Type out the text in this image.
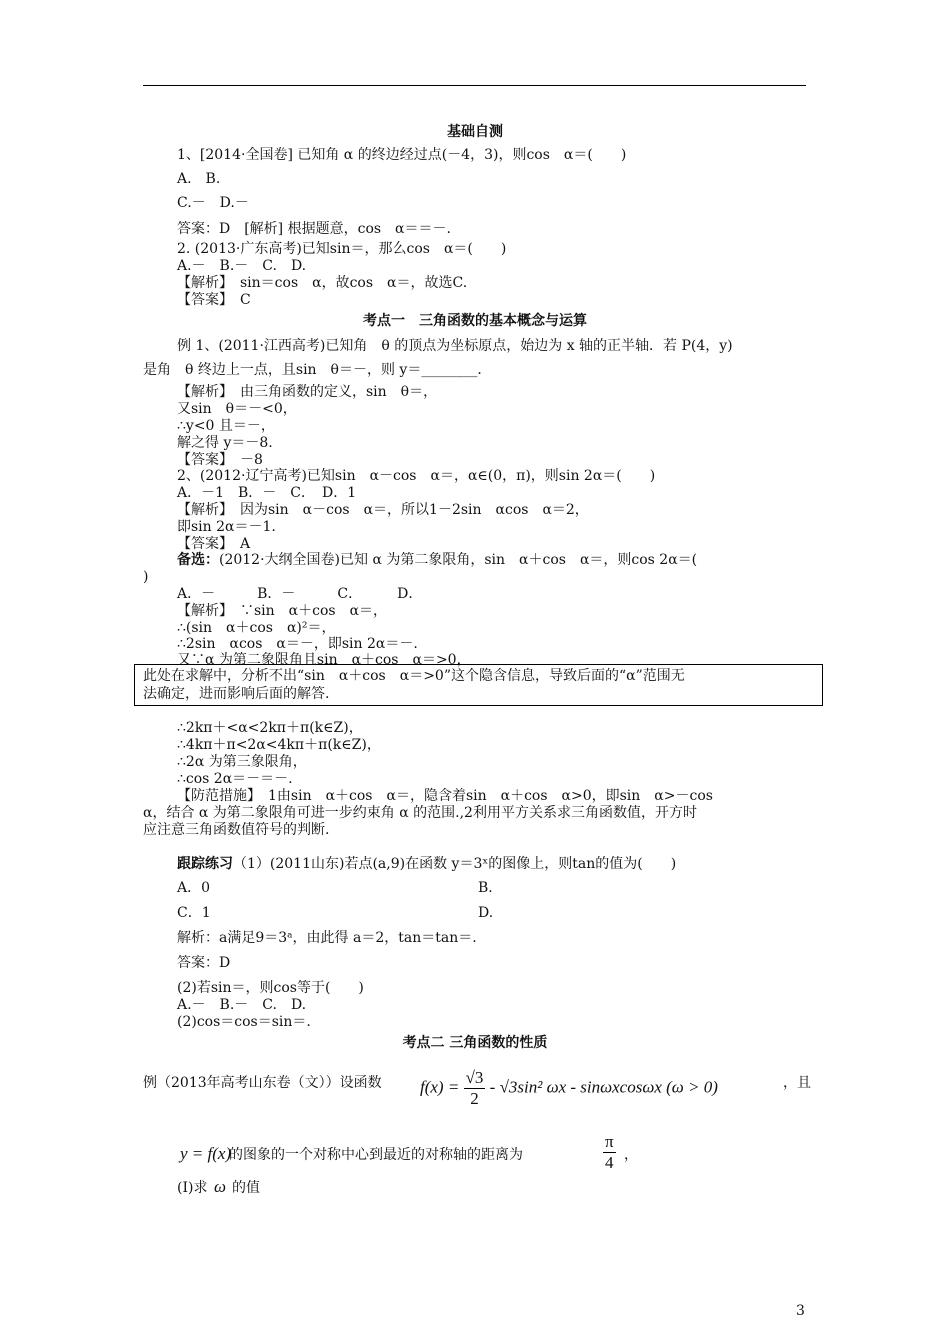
基础自测
1、[2014·全国卷] 已知角 α 的终边经过点(－4，3)，则cos　α＝(　　)
A.　B.
C.－　D.－
答案：D　[解析] 根据题意，cos　α＝＝－.
2. (2013·广东高考)已知sin＝，那么cos　α＝(　　)
A.－　B.－　C.　D.
【解析】　sin＝cos　α，故cos　α＝，故选C.
【答案】　C
考点一　三角函数的基本概念与运算
例 1、(2011·江西高考)已知角　θ 的顶点为坐标原点，始边为 x 轴的正半轴．若 P(4，y)
是角　θ 终边上一点，且sin　θ＝－，则 y＝________．
【解析】　由三角函数的定义，sin　θ＝，
又sin　θ＝－<0，
∴y<0 且＝－，
解之得 y＝－8.
【答案】　－8
2、(2012·辽宁高考)已知sin　α－cos　α＝，α∈(0，π)，则sin 2α＝(　　)
A．－1　B．－　C．　D．1
【解析】　因为sin　α－cos　α＝，所以1－2sin　αcos　α＝2，
即sin 2α＝－1.
【答案】　A
备选：(2012·大纲全国卷)已知 α 为第二象限角，sin　α＋cos　α＝，则cos 2α＝(
)
A．－　　　B．－　　　C．　　　D．
【解析】　∵sin　α＋cos　α＝，
∴(sin　α＋cos　α)²＝，
∴2sin　αcos　α＝－，即sin 2α＝－.
又∵α 为第二象限角且sin　α＋cos　α＝>0，
此处在求解中，分析不出“sin　α＋cos　α＝>0”这个隐含信息，导致后面的“α”范围无
法确定，进而影响后面的解答.
∴2kπ＋<α<2kπ＋π(k∈Z)，
∴4kπ＋π<2α<4kπ＋π(k∈Z)，
∴2α 为第三象限角，
∴cos 2α＝－＝－.
【防范措施】　1由sin　α＋cos　α＝，隐含着sin　α＋cos　α>0，即sin　α>－cos
α，结合 α 为第二象限角可进一步约束角 α 的范围.,2利用平方关系求三角函数值，开方时
应注意三角函数值符号的判断.
跟踪练习（1）(2011山东)若点(a,9)在函数 y＝3ˣ的图像上，则tan的值为(　　)
A．0	B.
C．1	D.
解析：a满足9＝3ᵃ，由此得 a＝2，tan＝tan＝.
答案：D
(2)若sin＝，则cos等于(　　)
A.－　B.－　C.　D.
(2)cos＝cos＝sin＝.
考点二 三角函数的性质
例（2013年高考山东卷（文））设函数	，且
的图象的一个对称中心到最近的对称轴的距离为	，
(Ⅰ)求 的值
$f(x) = \frac{√3}{2} - √3\sin^2$ ωx - sinωxcosωx (ω > 0)
y = f(x)	$\frac{\pi}{4}$
ω
3
